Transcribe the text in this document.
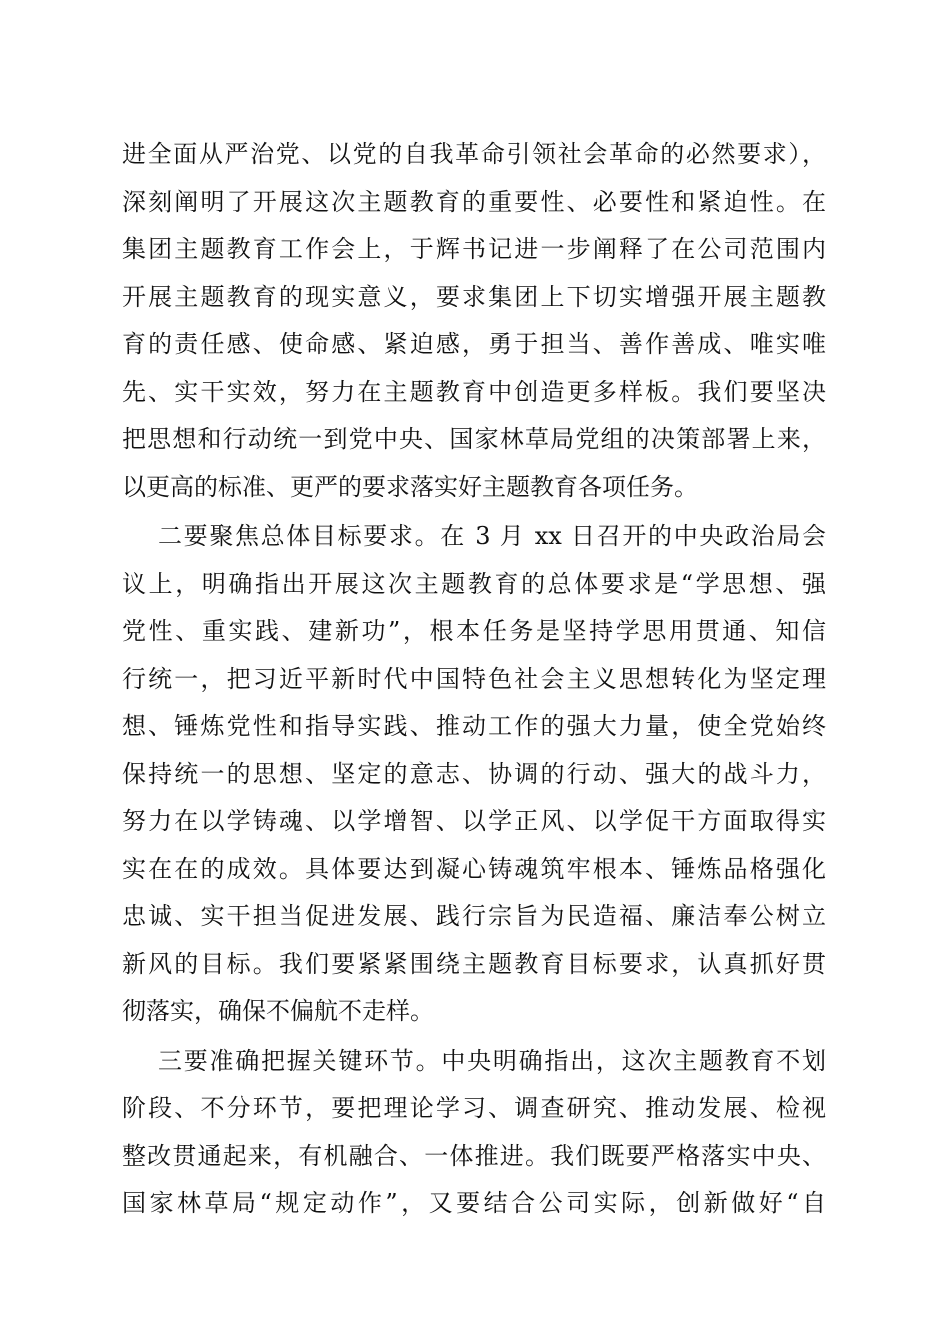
进全面从严治党、以党的自我革命引领社会革命的必然要求），
深刻阐明了开展这次主题教育的重要性、必要性和紧迫性。在
集团主题教育工作会上，于辉书记进一步阐释了在公司范围内
开展主题教育的现实意义，要求集团上下切实增强开展主题教
育的责任感、使命感、紧迫感，勇于担当、善作善成、唯实唯
先、实干实效，努力在主题教育中创造更多样板。我们要坚决
把思想和行动统一到党中央、国家林草局党组的决策部署上来，
以更高的标准、更严的要求落实好主题教育各项任务。
二要聚焦总体目标要求。在 3 月 xx 日召开的中央政治局会
议上，明确指出开展这次主题教育的总体要求是“学思想、强
党性、重实践、建新功”，根本任务是坚持学思用贯通、知信
行统一，把习近平新时代中国特色社会主义思想转化为坚定理
想、锤炼党性和指导实践、推动工作的强大力量，使全党始终
保持统一的思想、坚定的意志、协调的行动、强大的战斗力，
努力在以学铸魂、以学增智、以学正风、以学促干方面取得实
实在在的成效。具体要达到凝心铸魂筑牢根本、锤炼品格强化
忠诚、实干担当促进发展、践行宗旨为民造福、廉洁奉公树立
新风的目标。我们要紧紧围绕主题教育目标要求，认真抓好贯
彻落实，确保不偏航不走样。
三要准确把握关键环节。中央明确指出，这次主题教育不划
阶段、不分环节，要把理论学习、调查研究、推动发展、检视
整改贯通起来，有机融合、一体推进。我们既要严格落实中央、
国家林草局“规定动作”，又要结合公司实际，创新做好“自
